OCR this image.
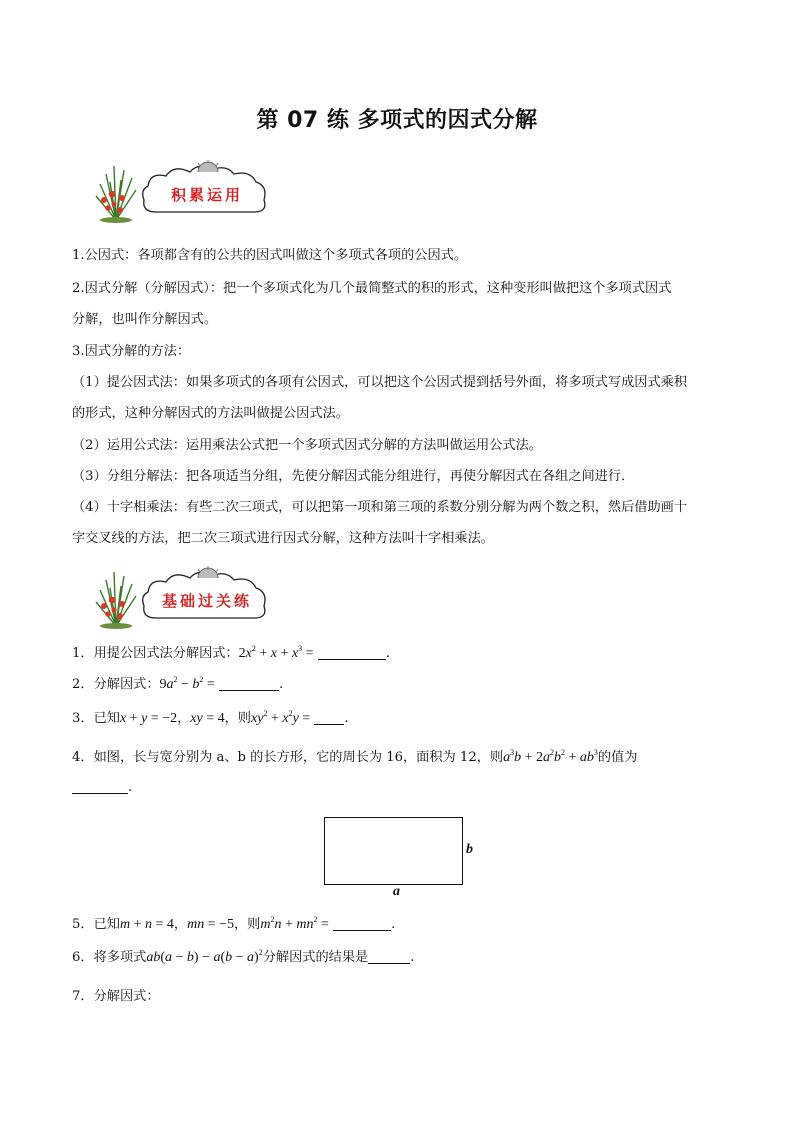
第 07 练 多项式的因式分解
积累运用
1.公因式：各项都含有的公共的因式叫做这个多项式各项的公因式。
2.因式分解（分解因式）：把一个多项式化为几个最简整式的积的形式，这种变形叫做把这个多项式因式
分解，也叫作分解因式。
3.因式分解的方法：
（1）提公因式法：如果多项式的各项有公因式，可以把这个公因式提到括号外面，将多项式写成因式乘积
的形式，这种分解因式的方法叫做提公因式法。
（2）运用公式法：运用乘法公式把一个多项式因式分解的方法叫做运用公式法。
（3）分组分解法：把各项适当分组，先使分解因式能分组进行，再使分解因式在各组之间进行．
（4）十字相乘法：有些二次三项式，可以把第一项和第三项的系数分别分解为两个数之积，然后借助画十
字交叉线的方法，把二次三项式进行因式分解，这种方法叫十字相乘法。
基础过关练
1．用提公因式法分解因式：$2x^2 + x + x^3$ =	.
2．分解因式：$9a^2 - b^2$ =	.
3．已知x + y = −2，xy = 4，则$xy^2 + x^2y$ =	.
4．如图，长与宽分别为 a、b 的长方形，它的周长为 16，面积为 12，则$a^3b + 2a^2b^2 + ab^3$的值为
.
b
a
5．已知m + n = 4，mn = −5，则$m^2n + mn^2$ =	.
6．将多项式$ab(a - b) - a(b - a)^2$分解因式的结果是	.
7．分解因式：
